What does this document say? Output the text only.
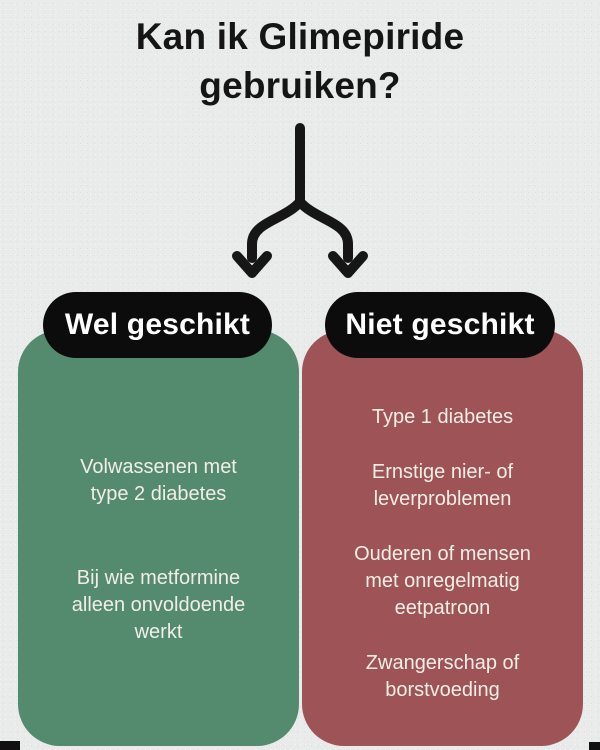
Kan ik Glimepiride
gebruiken?
Wel geschikt

Volwassenen met
type 2 diabetes

Bij wie metformine
alleen onvoldoende
werkt

Niet geschikt

Type 1 diabetes

Ernstige nier- of
leverproblemen

Ouderen of mensen
met onregelmatig
eetpatroon

Zwangerschap of
borstvoeding
